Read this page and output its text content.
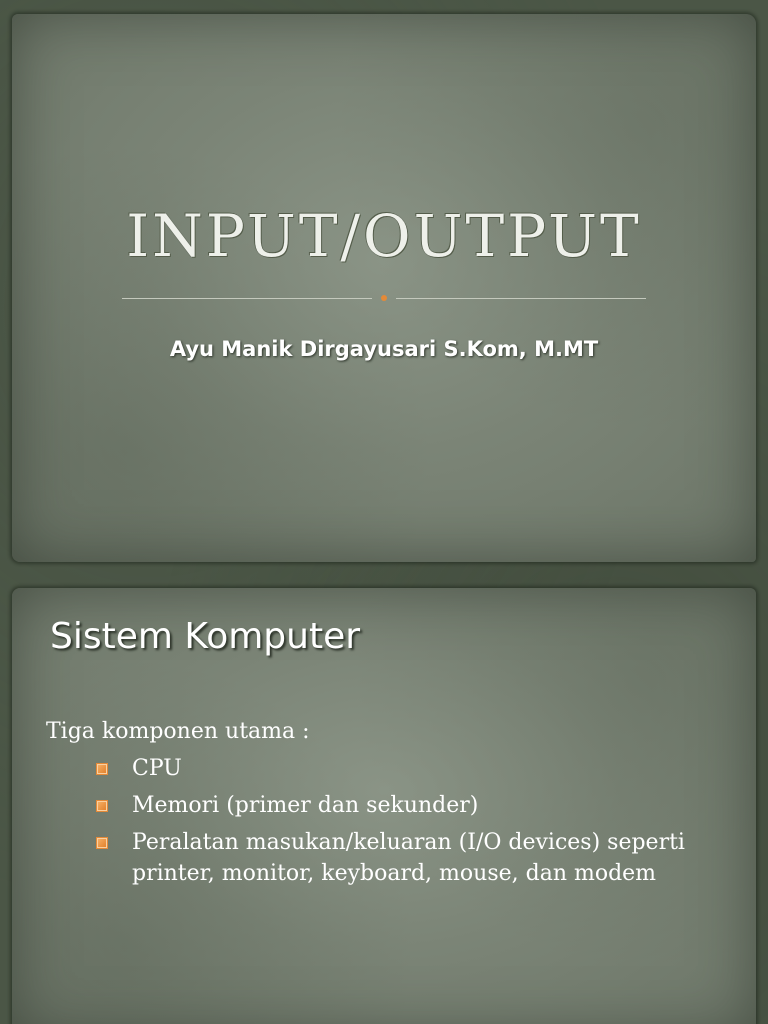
INPUT/OUTPUT

Ayu Manik Dirgayusari S.Kom, M.MT

Sistem Komputer

Tiga komponen utama :

CPU
Memori (primer dan sekunder)
Peralatan masukan/keluaran (I/O devices) seperti printer, monitor, keyboard, mouse, dan modem
